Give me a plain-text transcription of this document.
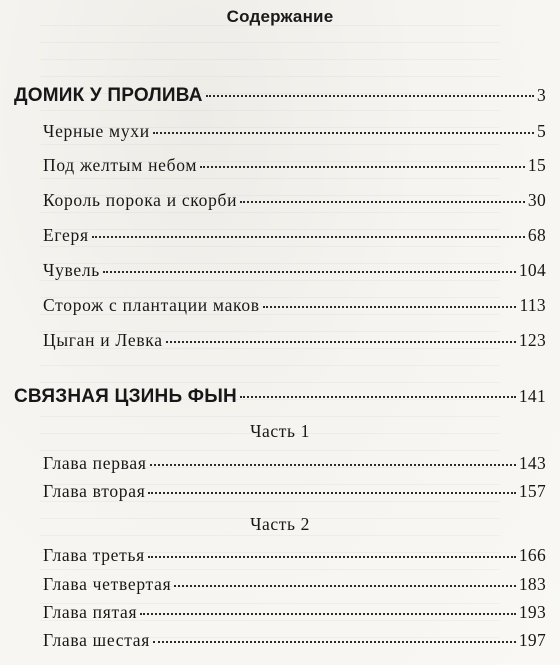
Содержание
ДОМИК У ПРОЛИВА	3
Черные мухи	5
Под желтым небом	15
Король порока и скорби	30
Егеря	68
Чувель	104
Сторож с плантации маков	113
Цыган и Левка	123
СВЯЗНАЯ ЦЗИНЬ ФЫН	141
Часть 1
Глава первая	143
Глава вторая	157
Часть 2
Глава третья	166
Глава четвертая	183
Глава пятая	193
Глава шестая	197
